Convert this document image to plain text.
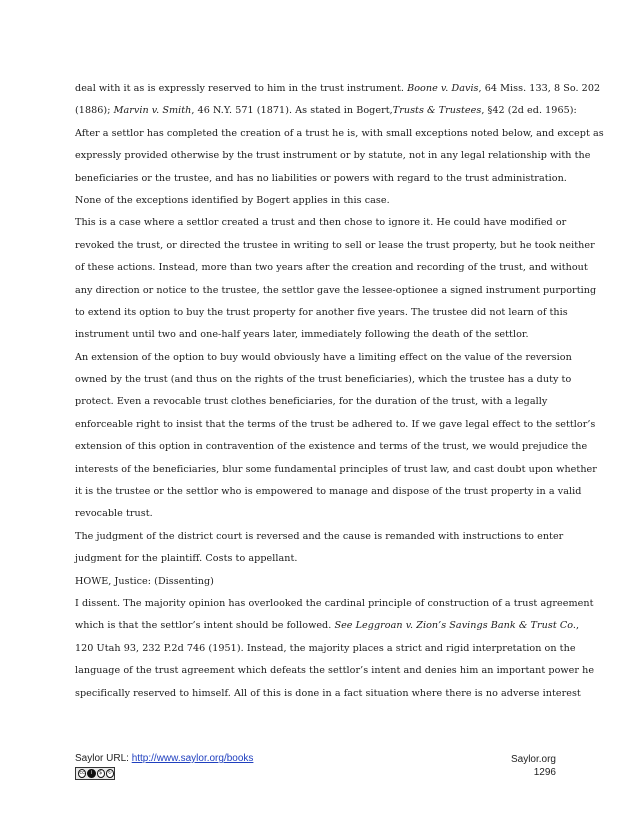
deal with it as is expressly reserved to him in the trust instrument. Boone v. Davis, 64 Miss. 133, 8 So. 202
(1886); Marvin v. Smith, 46 N.Y. 571 (1871). As stated in Bogert,Trusts & Trustees, §42 (2d ed. 1965):
After a settlor has completed the creation of a trust he is, with small exceptions noted below, and except as
expressly provided otherwise by the trust instrument or by statute, not in any legal relationship with the
beneficiaries or the trustee, and has no liabilities or powers with regard to the trust administration.
None of the exceptions identified by Bogert applies in this case.
This is a case where a settlor created a trust and then chose to ignore it. He could have modified or
revoked the trust, or directed the trustee in writing to sell or lease the trust property, but he took neither
of these actions. Instead, more than two years after the creation and recording of the trust, and without
any direction or notice to the trustee, the settlor gave the lessee-optionee a signed instrument purporting
to extend its option to buy the trust property for another five years. The trustee did not learn of this
instrument until two and one-half years later, immediately following the death of the settlor.
An extension of the option to buy would obviously have a limiting effect on the value of the reversion
owned by the trust (and thus on the rights of the trust beneficiaries), which the trustee has a duty to
protect. Even a revocable trust clothes beneficiaries, for the duration of the trust, with a legally
enforceable right to insist that the terms of the trust be adhered to. If we gave legal effect to the settlor’s
extension of this option in contravention of the existence and terms of the trust, we would prejudice the
interests of the beneficiaries, blur some fundamental principles of trust law, and cast doubt upon whether
it is the trustee or the settlor who is empowered to manage and dispose of the trust property in a valid
revocable trust.
The judgment of the district court is reversed and the cause is remanded with instructions to enter
judgment for the plaintiff. Costs to appellant.
HOWE, Justice: (Dissenting)
I dissent. The majority opinion has overlooked the cardinal principle of construction of a trust agreement
which is that the settlor’s intent should be followed. See Leggroan v. Zion’s Savings Bank & Trust Co.,
120 Utah 93, 232 P.2d 746 (1951). Instead, the majority places a strict and rigid interpretation on the
language of the trust agreement which defeats the settlor’s intent and denies him an important power he
specifically reserved to himself. All of this is done in a fact situation where there is no adverse interest
Saylor URL: http://www.saylor.org/books
cc	i	$	↻
Saylor.org
1296
